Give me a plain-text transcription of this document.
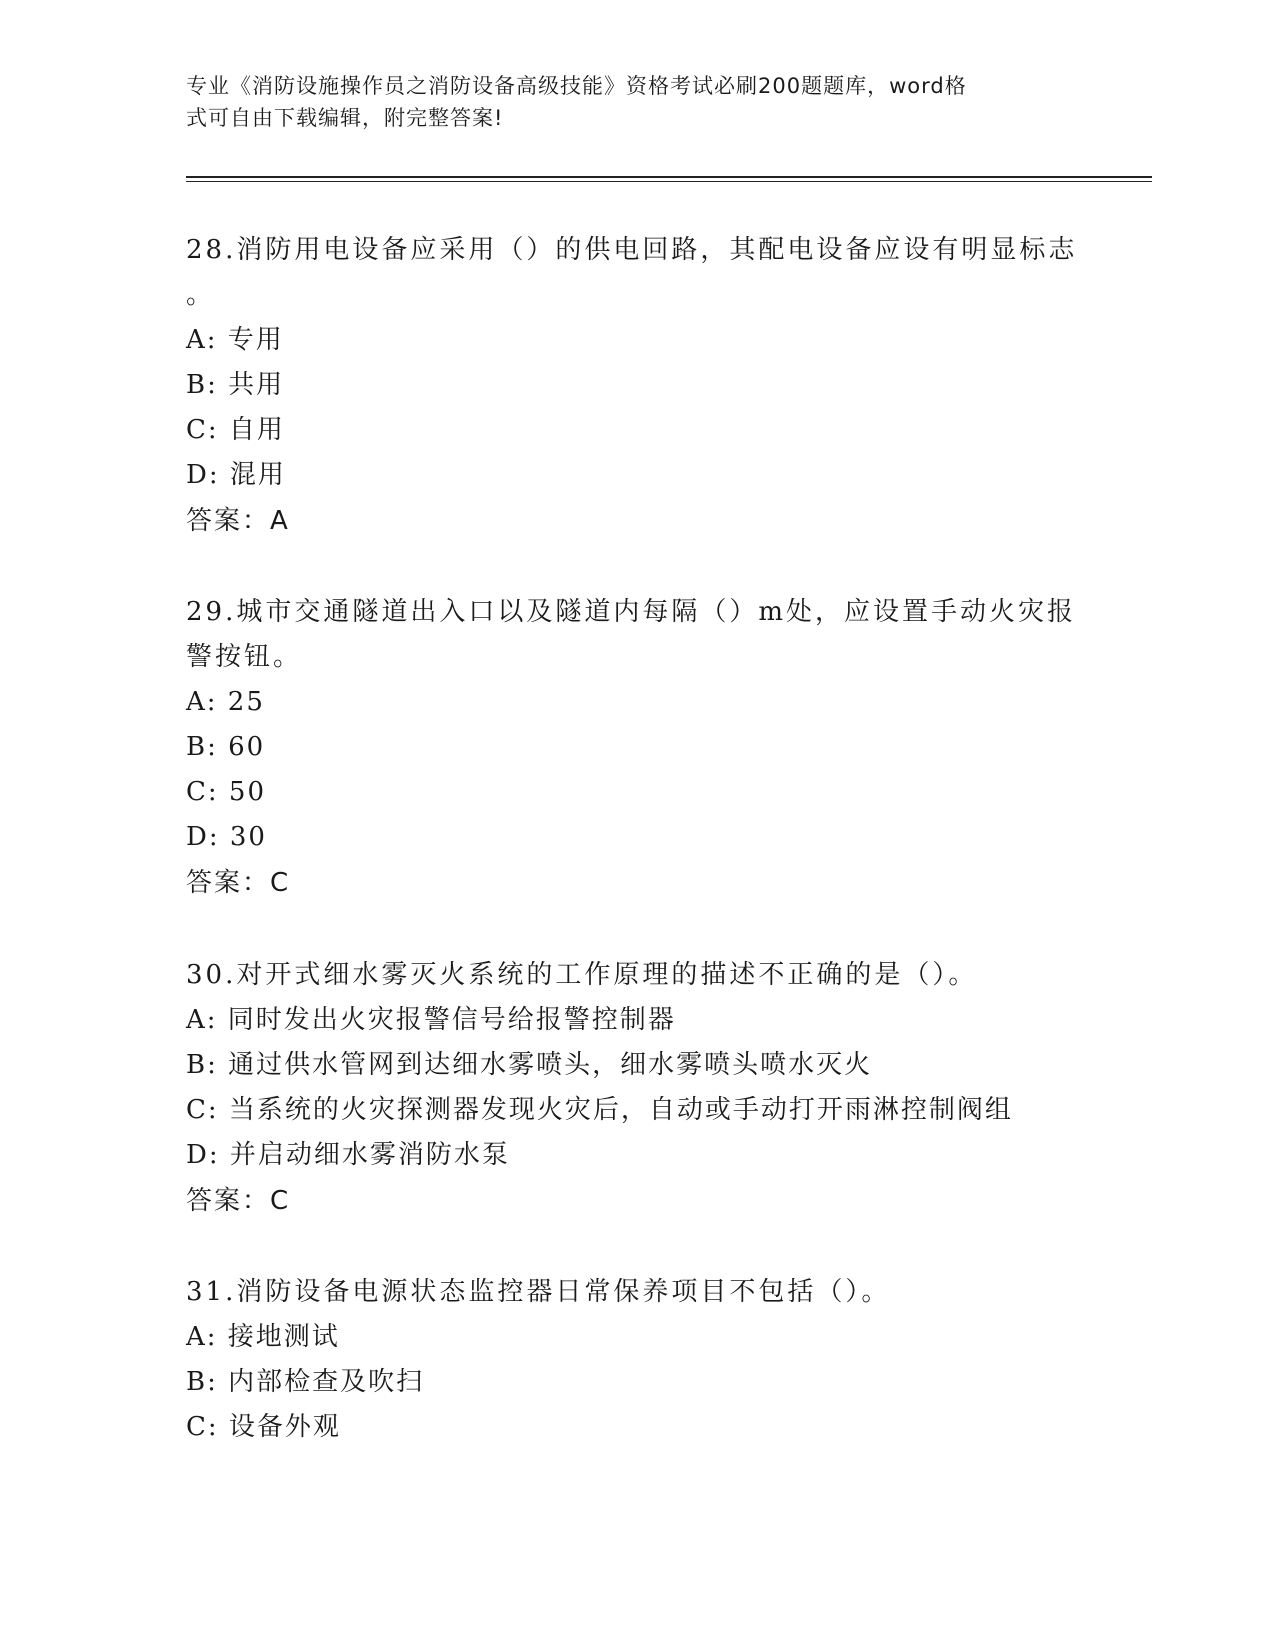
专业《消防设施操作员之消防设备高级技能》资格考试必刷200题题库，word格
式可自由下载编辑，附完整答案!
28.消防用电设备应采用（）的供电回路，其配电设备应设有明显标志
。
A: 专用
B: 共用
C: 自用
D: 混用
答案：A
29.城市交通隧道出入口以及隧道内每隔（）m处，应设置手动火灾报
警按钮。
A: 25
B: 60
C: 50
D: 30
答案：C
30.对开式细水雾灭火系统的工作原理的描述不正确的是（）。
A: 同时发出火灾报警信号给报警控制器
B: 通过供水管网到达细水雾喷头，细水雾喷头喷水灭火
C: 当系统的火灾探测器发现火灾后，自动或手动打开雨淋控制阀组
D: 并启动细水雾消防水泵
答案：C
31.消防设备电源状态监控器日常保养项目不包括（）。
A: 接地测试
B: 内部检查及吹扫
C: 设备外观
